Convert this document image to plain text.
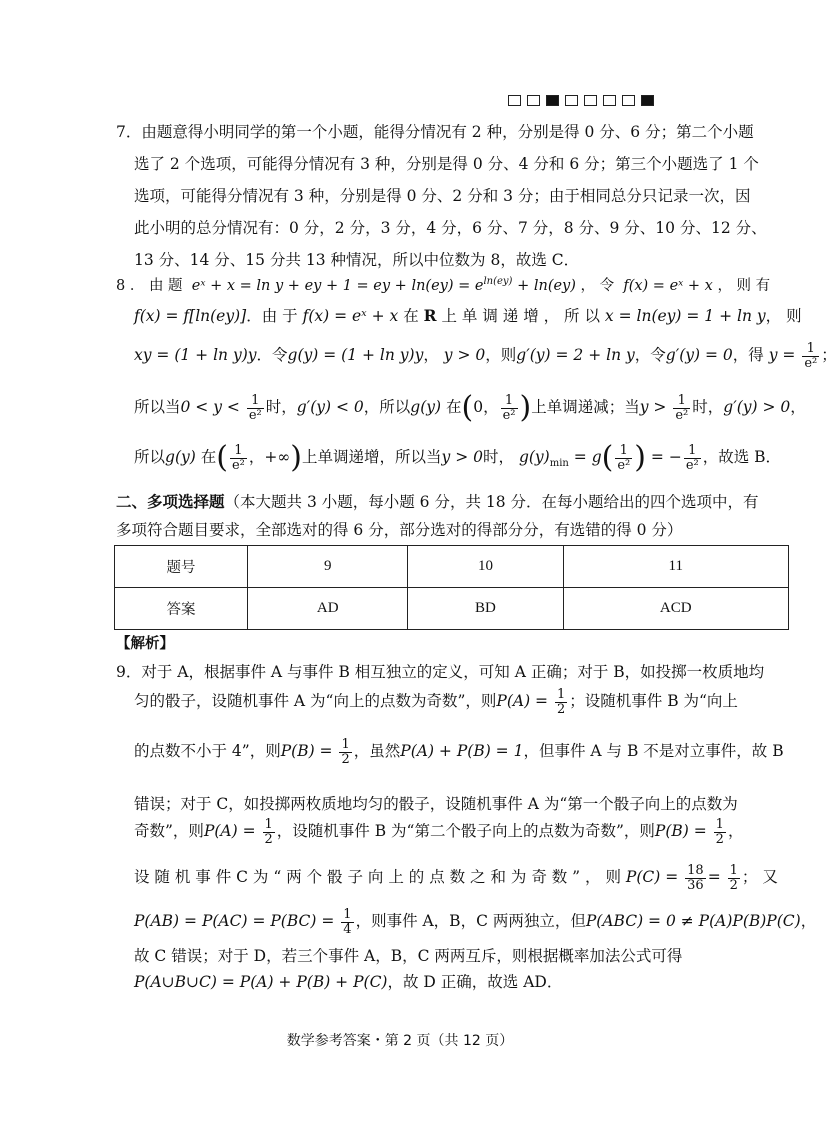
7．由题意得小明同学的第一个小题，能得分情况有 2 种，分别是得 0 分、6 分；第二个小题
选了 2 个选项，可能得分情况有 3 种，分别是得 0 分、4 分和 6 分；第三个小题选了 1 个
选项，可能得分情况有 3 种，分别是得 0 分、2 分和 3 分；由于相同总分只记录一次，因
此小明的总分情况有：0 分，2 分，3 分，4 分，6 分、7 分，8 分、9 分、10 分、12 分、
13 分、14 分、15 分共 13 种情况，所以中位数为 8，故选 C．
8 ． 由 题 eˣ + x = ln y + ey + 1 = ey + $\ln(ey) = e^{ln(ey)} + \ln(ey)$ ， 令 f(x) = eˣ + x ， 则 有
f(x) = f[ln(ey)]．由 于 f(x) = eˣ + x 在 R 上 单 调 递 增 ， 所 以 x = ln(ey) = 1 + ln y， 则
xy = (1 + ln y)y．令g(y) = (1 + ln y)y， y > 0，则g′(y) = 2 + ln y，令g′(y) = 0，得 $y = \frac{1}{\text{e²}}$ ；
所以当$0 < y < \frac{1}{\text{e²}}$ 时，g′(y) < 0，所以g(y) 在(0， $\frac{1}{\text{e²}}$ )上单调递减；当$y > \frac{1}{\text{e²}}$ 时，g′(y) > 0，
所以g(y) 在( $\frac{1}{\text{e²}}$ ，+∞)上单调递增，所以当y > 0时， $g(y)_{min} = g( \frac{1}{\text{e²}}$ ) = − $\frac{1}{\text{e²}}$ ，故选 B．
二、多项选择题（本大题共 3 小题，每小题 6 分，共 18 分．在每小题给出的四个选项中，有
多项符合题目要求，全部选对的得 6 分，部分选对的得部分分，有选错的得 0 分）
题号	9	10	11
答案	AD	BD	ACD
【解析】
9．对于 A，根据事件 A 与事件 B 相互独立的定义，可知 A 正确；对于 B，如投掷一枚质地均
匀的骰子，设随机事件 A 为“向上的点数为奇数”，则$P(A) = \frac{1}{2}$ ；设随机事件 B 为“向上
的点数不小于 4”，则$P(B) = \frac{1}{2}$ ，虽然P(A) + P(B) = 1，但事件 A 与 B 不是对立事件，故 B
错误；对于 C，如投掷两枚质地均匀的骰子，设随机事件 A 为“第一个骰子向上的点数为
奇数”，则$P(A) = \frac{1}{2}$ ，设随机事件 B 为“第二个骰子向上的点数为奇数”，则$P(B) = \frac{1}{2}$ ，
设 随 机 事 件 C 为 “ 两 个 骰 子 向 上 的 点 数 之 和 为 奇 数 ” ， 则 $P(C) = \frac{18}{36} = \frac{1}{2}$ ； 又
$P(AB) = P(AC) = P(BC) = \frac{1}{4}$ ，则事件 A，B，C 两两独立，但P(ABC) = 0 ≠ P(A)P(B)P(C)，
故 C 错误；对于 D，若三个事件 A，B，C 两两互斥，则根据概率加法公式可得
P(A∪B∪C) = P(A) + P(B) + P(C)，故 D 正确，故选 AD．
数学参考答案・第 2 页（共 12 页）
